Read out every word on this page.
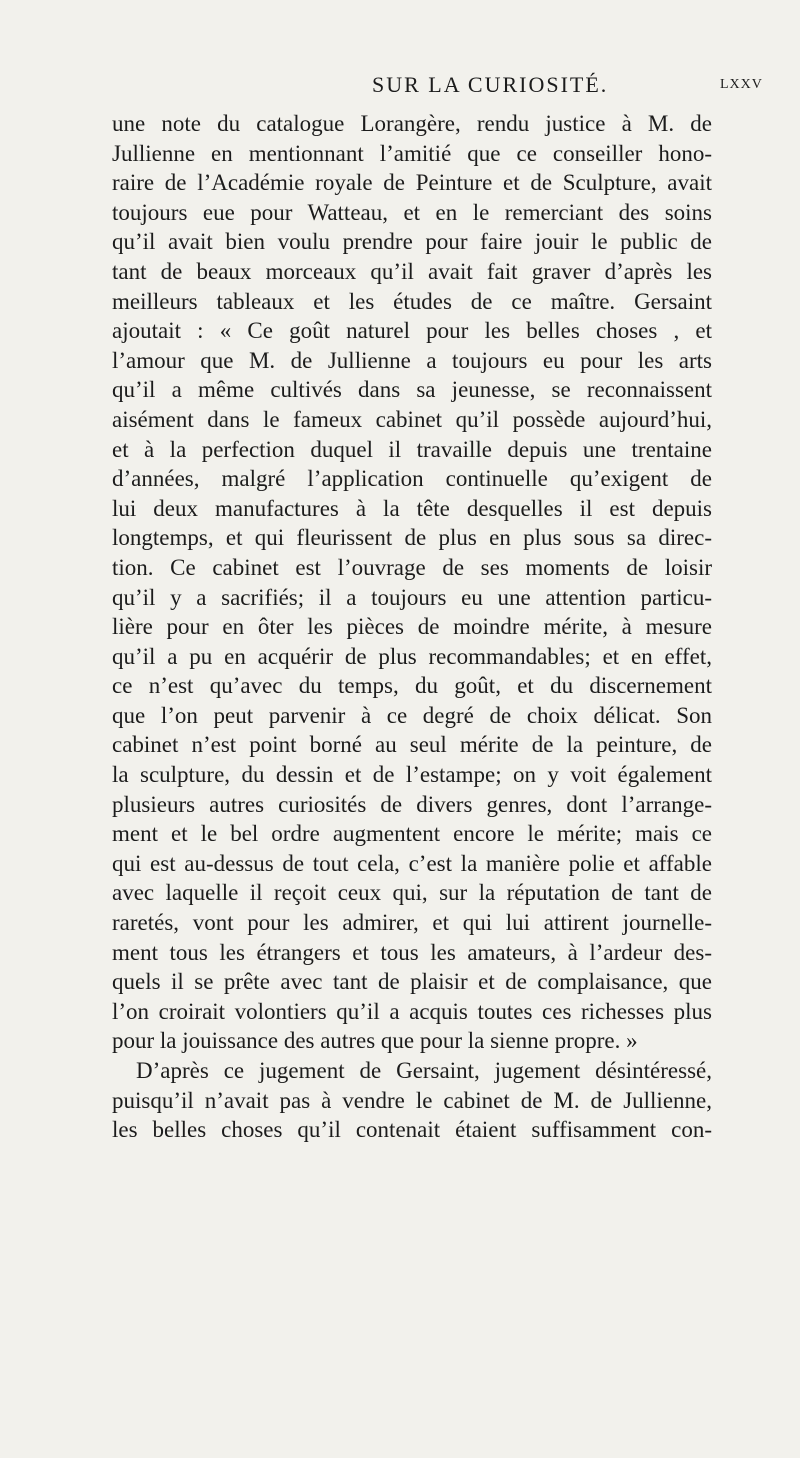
SUR LA CURIOSITÉ.	LXXV
une note du catalogue Lorangère, rendu justice à M. de
Jullienne en mentionnant l’amitié que ce conseiller hono-
raire de l’Académie royale de Peinture et de Sculpture, avait
toujours eue pour Watteau, et en le remerciant des soins
qu’il avait bien voulu prendre pour faire jouir le public de
tant de beaux morceaux qu’il avait fait graver d’après les
meilleurs tableaux et les études de ce maître. Gersaint
ajoutait : « Ce goût naturel pour les belles choses , et
l’amour que M. de Jullienne a toujours eu pour les arts
qu’il a même cultivés dans sa jeunesse, se reconnaissent
aisément dans le fameux cabinet qu’il possède aujourd’hui,
et à la perfection duquel il travaille depuis une trentaine
d’années, malgré l’application continuelle qu’exigent de
lui deux manufactures à la tête desquelles il est depuis
longtemps, et qui fleurissent de plus en plus sous sa direc-
tion. Ce cabinet est l’ouvrage de ses moments de loisir
qu’il y a sacrifiés; il a toujours eu une attention particu-
lière pour en ôter les pièces de moindre mérite, à mesure
qu’il a pu en acquérir de plus recommandables; et en effet,
ce n’est qu’avec du temps, du goût, et du discernement
que l’on peut parvenir à ce degré de choix délicat. Son
cabinet n’est point borné au seul mérite de la peinture, de
la sculpture, du dessin et de l’estampe; on y voit également
plusieurs autres curiosités de divers genres, dont l’arrange-
ment et le bel ordre augmentent encore le mérite; mais ce
qui est au-dessus de tout cela, c’est la manière polie et affable
avec laquelle il reçoit ceux qui, sur la réputation de tant de
raretés, vont pour les admirer, et qui lui attirent journelle-
ment tous les étrangers et tous les amateurs, à l’ardeur des-
quels il se prête avec tant de plaisir et de complaisance, que
l’on croirait volontiers qu’il a acquis toutes ces richesses plus
pour la jouissance des autres que pour la sienne propre. »
D’après ce jugement de Gersaint, jugement désintéressé,
puisqu’il n’avait pas à vendre le cabinet de M. de Jullienne,
les belles choses qu’il contenait étaient suffisamment con-
